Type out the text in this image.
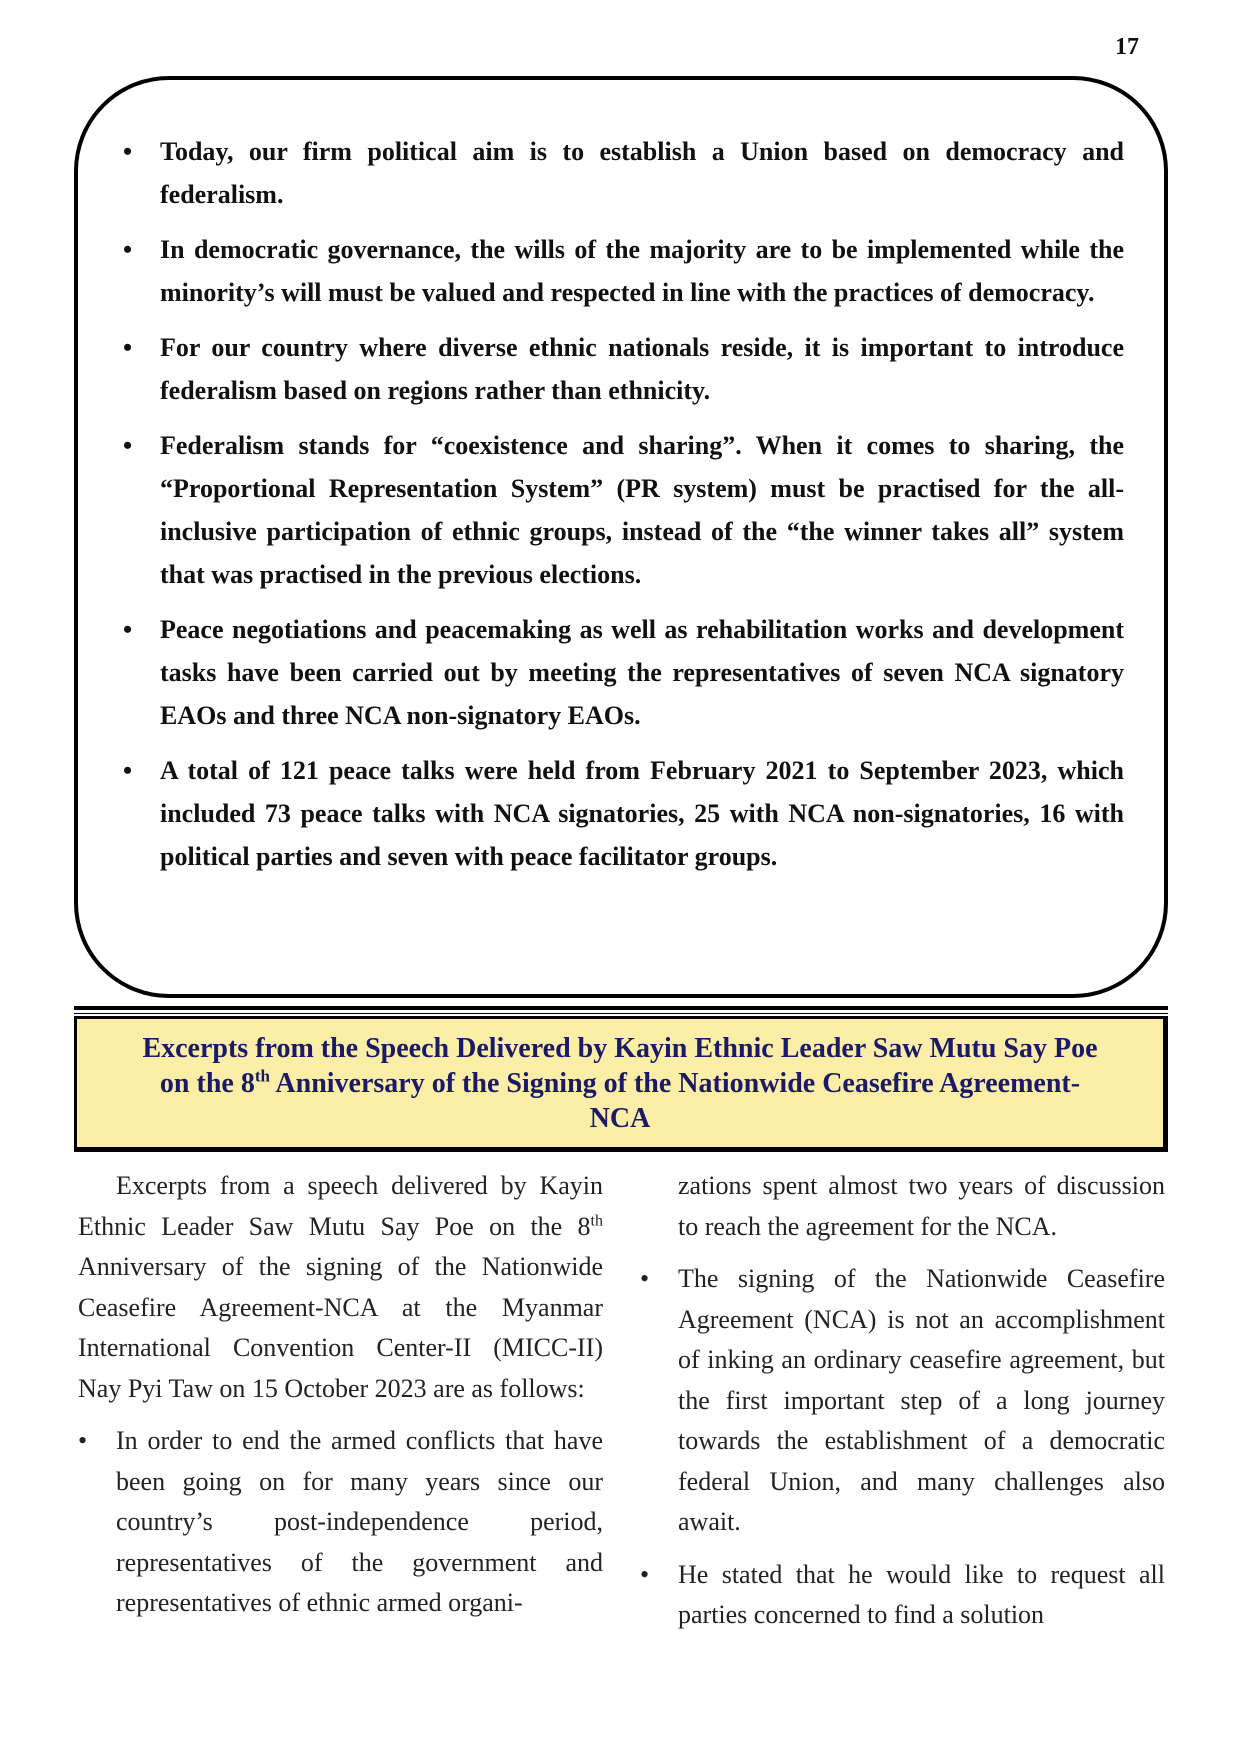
17
• Today, our firm political aim is to establish a Union based on democracy and federalism.
• In democratic governance, the wills of the majority are to be implemented while the minority’s will must be valued and respected in line with the practices of democracy.
• For our country where diverse ethnic nationals reside, it is important to introduce federalism based on regions rather than ethnicity.
• Federalism stands for “coexistence and sharing”. When it comes to sharing, the “Proportional Representation System” (PR system) must be practised for the all-inclusive participation of ethnic groups, instead of the “the winner takes all” system that was practised in the previous elections.
• Peace negotiations and peacemaking as well as rehabilitation works and development tasks have been carried out by meeting the representatives of seven NCA signatory EAOs and three NCA non-signatory EAOs.
• A total of 121 peace talks were held from February 2021 to September 2023, which included 73 peace talks with NCA signatories, 25 with NCA non-signatories, 16 with political parties and seven with peace facilitator groups.
Excerpts from the Speech Delivered by Kayin Ethnic Leader Saw Mutu Say Poe
on the 8th Anniversary of the Signing of the Nationwide Ceasefire Agreement-
NCA

Excerpts from a speech delivered by Kayin Ethnic Leader Saw Mutu Say Poe on the 8th Anniversary of the signing of the Nationwide Ceasefire Agreement-NCA at the Myanmar International Convention Center-II (MICC-II) Nay Pyi Taw on 15 October 2023 are as follows:

• In order to end the armed conflicts that have been going on for many years since our country’s post-independence period, representatives of the government and representatives of ethnic armed organi-

zations spent almost two years of discussion to reach the agreement for the NCA.

• The signing of the Nationwide Ceasefire Agreement (NCA) is not an accomplishment of inking an ordinary ceasefire agreement, but the first important step of a long journey towards the establishment of a democratic federal Union, and many challenges also await.
• He stated that he would like to request all parties concerned to find a solution
